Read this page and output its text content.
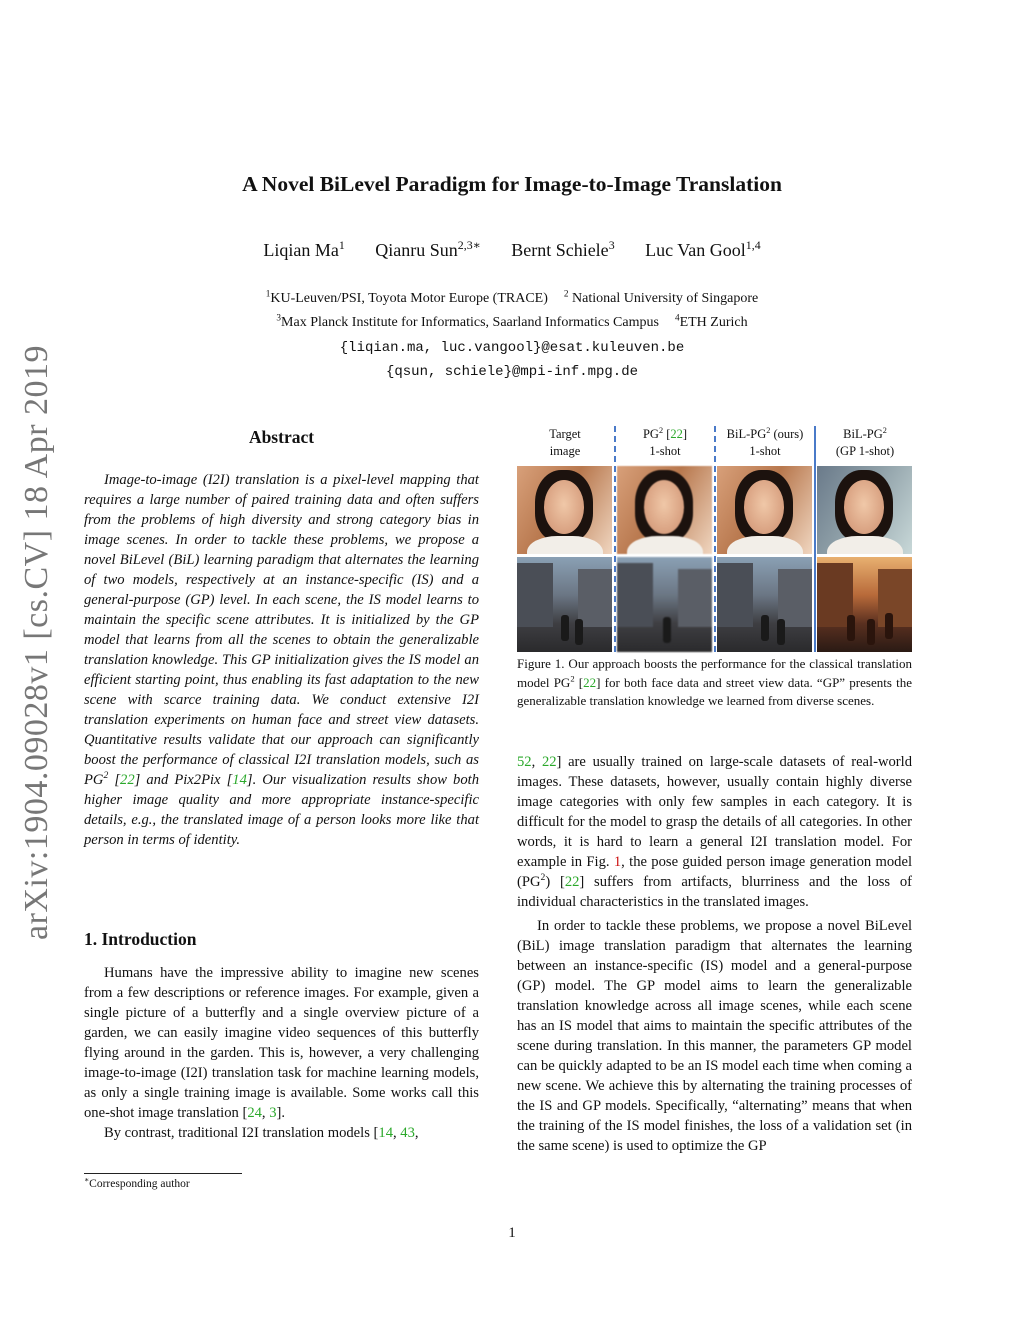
arXiv:1904.09028v1 [cs.CV] 18 Apr 2019
A Novel BiLevel Paradigm for Image-to-Image Translation
Liqian Ma$^1$ Qianru Sun$^{2,3∗}$ Bernt Schiele$^3$ Luc Van Gool$^{1,4}$
$^1$KU-Leuven/PSI, Toyota Motor Europe (TRACE) $^2$ National University of Singapore
$^3$Max Planck Institute for Informatics, Saarland Informatics Campus $^4$ETH Zurich
{liqian.ma, luc.vangool}@esat.kuleuven.be
{qsun, schiele}@mpi-inf.mpg.de
Abstract

Image-to-image (I2I) translation is a pixel-level mapping that requires a large number of paired training data and often suffers from the problems of high diversity and strong category bias in image scenes. In order to tackle these problems, we propose a novel BiLevel (BiL) learning paradigm that alternates the learning of two models, respectively at an instance-specific (IS) and a general-purpose (GP) level. In each scene, the IS model learns to maintain the specific scene attributes. It is initialized by the GP model that learns from all the scenes to obtain the generalizable translation knowledge. This GP initialization gives the IS model an efficient starting point, thus enabling its fast adaptation to the new scene with scarce training data. We conduct extensive I2I translation experiments on human face and street view datasets. Quantitative results validate that our approach can significantly boost the performance of classical I2I translation models, such as $PG^2$ [22] and Pix2Pix [14]. Our visualization results show both higher image quality and more appropriate instance-specific details, e.g., the translated image of a person looks more like that person in terms of identity.

1. Introduction

Humans have the impressive ability to imagine new scenes from a few descriptions or reference images. For example, given a single picture of a butterfly and a single overview picture of a garden, we can easily imagine video sequences of this butterfly flying around in the garden. This is, however, a very challenging image-to-image (I2I) translation task for machine learning models, as only a single training image is available. Some works call this one-shot image translation [24, 3].

By contrast, traditional I2I translation models [14, 43,

∗Corresponding author
Target
image
$PG^2$ [22]
1-shot
BiL-$PG^2$ (ours)
1-shot
BiL-$PG^2$
(GP 1-shot)
Figure 1. Our approach boosts the performance for the classical translation model $PG^2$ [22] for both face data and street view data. “GP” presents the generalizable translation knowledge we learned from diverse scenes.

52, 22] are usually trained on large-scale datasets of real-world images. These datasets, however, usually contain highly diverse image categories with only few samples in each category. It is difficult for the model to grasp the details of all categories. In other words, it is hard to learn a general I2I translation model. For example in Fig. 1, the pose guided person image generation model $(PG^2)$ [22] suffers from artifacts, blurriness and the loss of individual characteristics in the translated images.

In order to tackle these problems, we propose a novel BiLevel (BiL) image translation paradigm that alternates the learning between an instance-specific (IS) model and a general-purpose (GP) model. The GP model aims to learn the generalizable translation knowledge across all image scenes, while each scene has an IS model that aims to maintain the specific attributes of the scene during translation. In this manner, the parameters GP model can be quickly adapted to be an IS model each time when coming a new scene. We achieve this by alternating the training processes of the IS and GP models. Specifically, “alternating” means that when the training of the IS model finishes, the loss of a validation set (in the same scene) is used to optimize the GP

1
